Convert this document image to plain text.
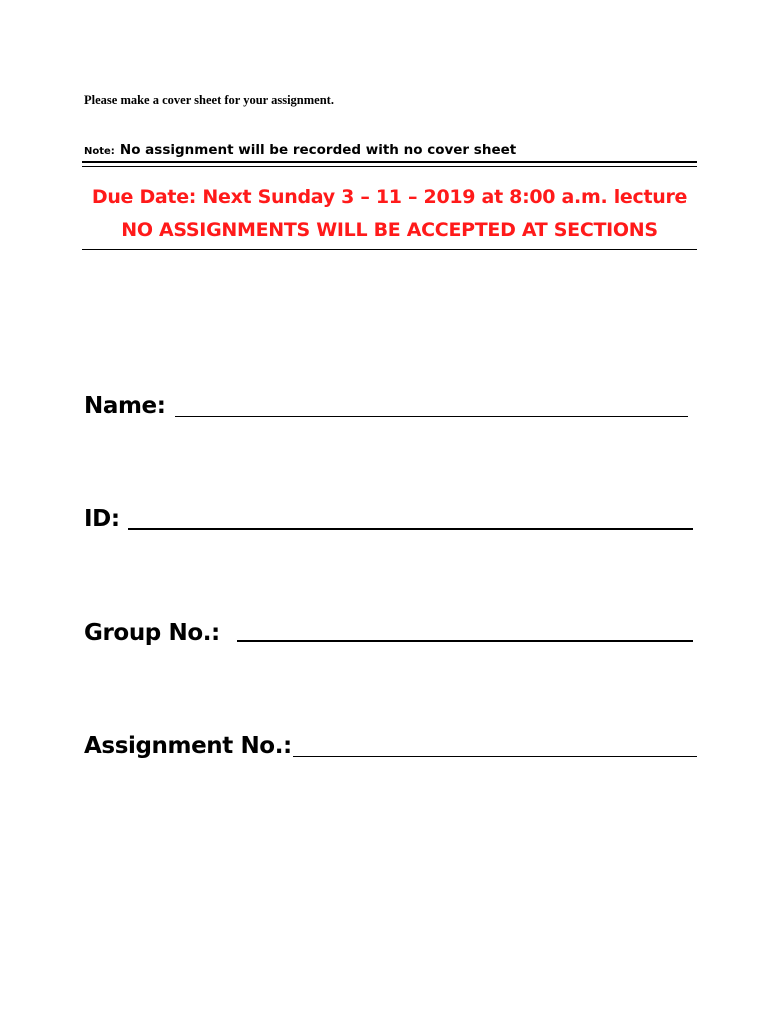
Please make a cover sheet for your assignment.
Note: No assignment will be recorded with no cover sheet
Due Date: Next Sunday 3 – 11 – 2019 at 8:00 a.m. lecture
NO ASSIGNMENTS WILL BE ACCEPTED AT SECTIONS
Name:
ID:
Group No.:
Assignment No.:
